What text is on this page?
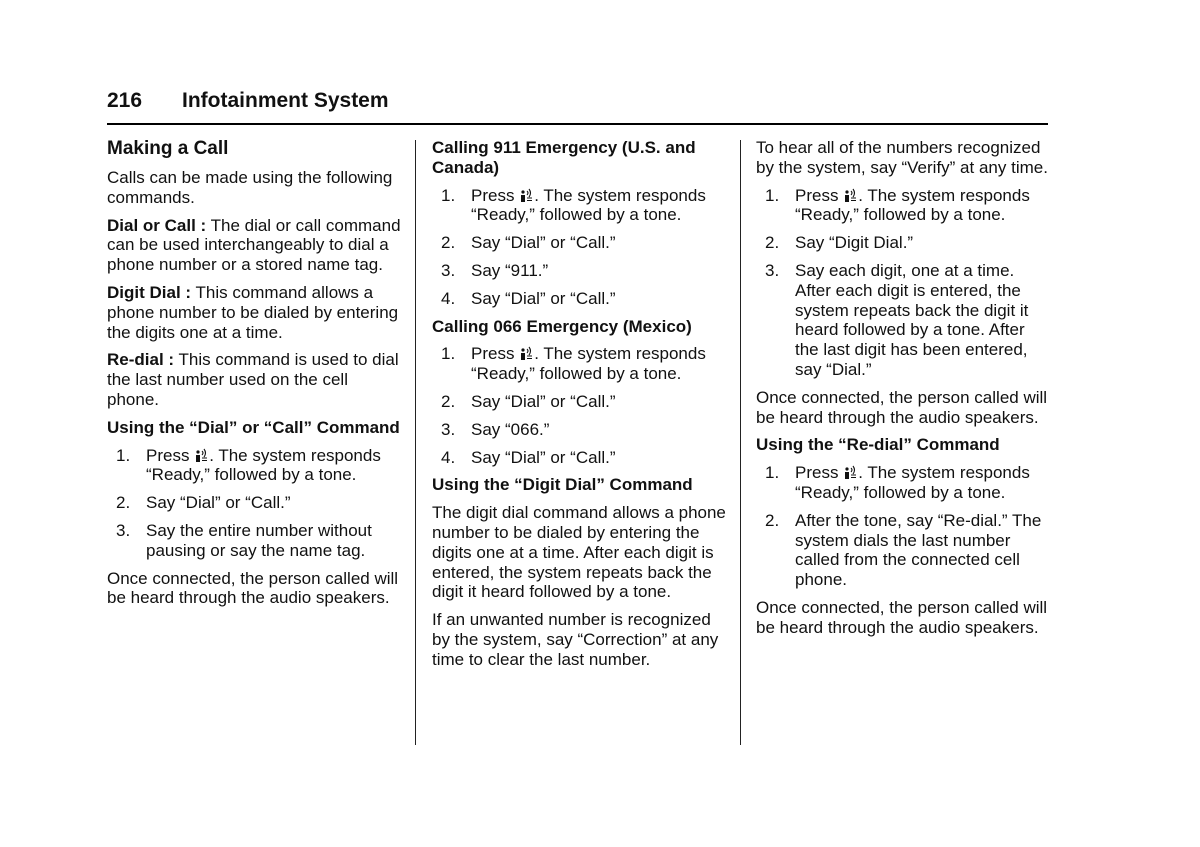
216 Infotainment System
Making a Call

Calls can be made using the following commands.

Dial or Call : The dial or call command can be used interchangeably to dial a phone number or a stored name tag.

Digit Dial : This command allows a phone number to be dialed by entering the digits one at a time.

Re-dial : This command is used to dial the last number used on the cell phone.

Using the “Dial” or “Call” Command
1. Press
. The system responds “Ready,” followed by a tone.
2. Say “Dial” or “Call.”
3. Say the entire number without pausing or say the name tag.

Once connected, the person called will be heard through the audio speakers.

Calling 911 Emergency (U.S. and Canada)
1. Press
. The system responds “Ready,” followed by a tone.
2. Say “Dial” or “Call.”
3. Say “911.”
4. Say “Dial” or “Call.”
Calling 066 Emergency (Mexico)
1. Press
. The system responds “Ready,” followed by a tone.
2. Say “Dial” or “Call.”
3. Say “066.”
4. Say “Dial” or “Call.”
Using the “Digit Dial” Command

The digit dial command allows a phone number to be dialed by entering the digits one at a time. After each digit is entered, the system repeats back the digit it heard followed by a tone.

If an unwanted number is recognized by the system, say “Correction” at any time to clear the last number.

To hear all of the numbers recognized by the system, say “Verify” at any time.

1. Press
. The system responds “Ready,” followed by a tone.
2. Say “Digit Dial.”
3. Say each digit, one at a time. After each digit is entered, the system repeats back the digit it heard followed by a tone. After the last digit has been entered, say “Dial.”

Once connected, the person called will be heard through the audio speakers.

Using the “Re-dial” Command
1. Press
. The system responds “Ready,” followed by a tone.
2. After the tone, say “Re-dial.” The system dials the last number called from the connected cell phone.

Once connected, the person called will be heard through the audio speakers.
